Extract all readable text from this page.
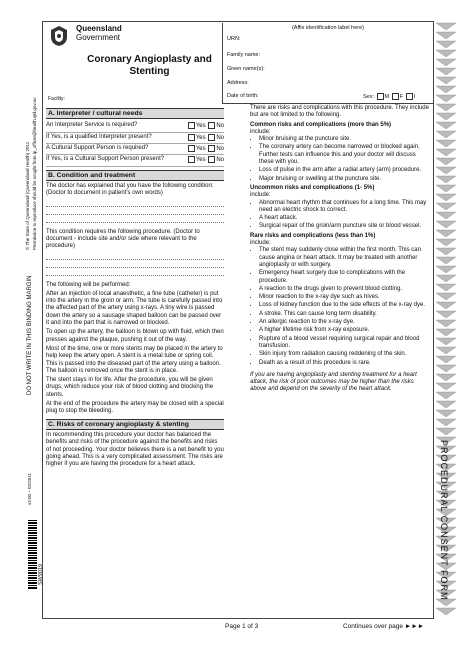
Queensland
Government
Coronary Angioplasty and
Stenting
Facility:
(Affix identification label here)
URN:
Family name:
Given name(s):
Address:
Date of birth:	Sex: M F I
© The State of Queensland (Queensland Health) 2011 Permission to reproduce should be sought from ip_officer@health.qld.gov.au
DO NOT WRITE IN THIS BINDING MARGIN
v3.00 – 02/2011
SW9019	PROCEDURAL CONSENT FORM
A. Interpreter / cultural needs
An Interpreter Service is required?	Yes No
If Yes, is a qualified Interpreter present?	Yes No
A Cultural Support Person is required?	Yes No
If Yes, is a Cultural Support Person present?	Yes No
B. Condition and treatment

The doctor has explained that you have the following condition: (Doctor to document in patient's own words)

This condition requires the following procedure. (Doctor to document - include site and/or side where relevant to the procedure)

The following will be performed:

After an injection of local anaesthetic, a fine tube (catheter) is put into the artery in the groin or arm. The tube is carefully passed into the affected part of the artery using x-rays. A tiny wire is passed down the artery so a sausage shaped balloon can be passed over it and into the part that is narrowed or blocked.

To open up the artery, the balloon is blown up with fluid, which then presses against the plaque, pushing it out of the way.

Most of the time, one or more stents may be placed in the artery to help keep the artery open. A stent is a metal tube or spring coil. This is passed into the diseased part of the artery using a balloon. The balloon is removed once the stent is in place.

The stent stays in for life. After the procedure, you will be given drugs, which reduce your risk of blood clotting and blocking the stents.

At the end of the procedure the artery may be closed with a special plug to stop the bleeding.

C. Risks of coronary angioplasty & stenting

In recommending this procedure your doctor has balanced the benefits and risks of the procedure against the benefits and risks of not proceeding. Your doctor believes there is a net benefit to you going ahead. This is a very complicated assessment. The risks are higher if you are having the procedure for a heart attack.

There are risks and complications with this procedure. They include but are not limited to the following.

Common risks and complications (more than 5%)
include:
• Minor bruising at the puncture site.
• The coronary artery can become narrowed or blocked again. Further tests can influence this and your doctor will discuss these with you.
• Loss of pulse in the arm after a radial artery (arm) procedure.
• Major bruising or swelling at the puncture site.
Uncommon risks and complications (1- 5%)
include:
• Abnormal heart rhythm that continues for a long time. This may need an electric shock to correct.
• A heart attack.
• Surgical repair of the groin/arm puncture site or blood vessel.
Rare risks and complications (less than 1%)
include:
• The stent may suddenly close within the first month. This can cause angina or heart attack. It may be treated with another angioplasty or with surgery.
• Emergency heart surgery due to complications with the procedure.
• A reaction to the drugs given to prevent blood clotting.
• Minor reaction to the x-ray dye such as hives.
• Loss of kidney function due to the side effects of the x-ray dye.
• A stroke. This can cause long term disability.
• An allergic reaction to the x-ray dye.
• A higher lifetime risk from x-ray exposure.
• Rupture of a blood vessel requiring surgical repair and blood transfusion.
• Skin injury from radiation causing reddening of the skin.
• Death as a result of this procedure is rare.

If you are having angioplasty and stenting treatment for a heart attack, the risk of poor outcomes may be higher than the risks above and depend on the severity of the heart attack.

Page 1 of 3	Continues over page ►►►
